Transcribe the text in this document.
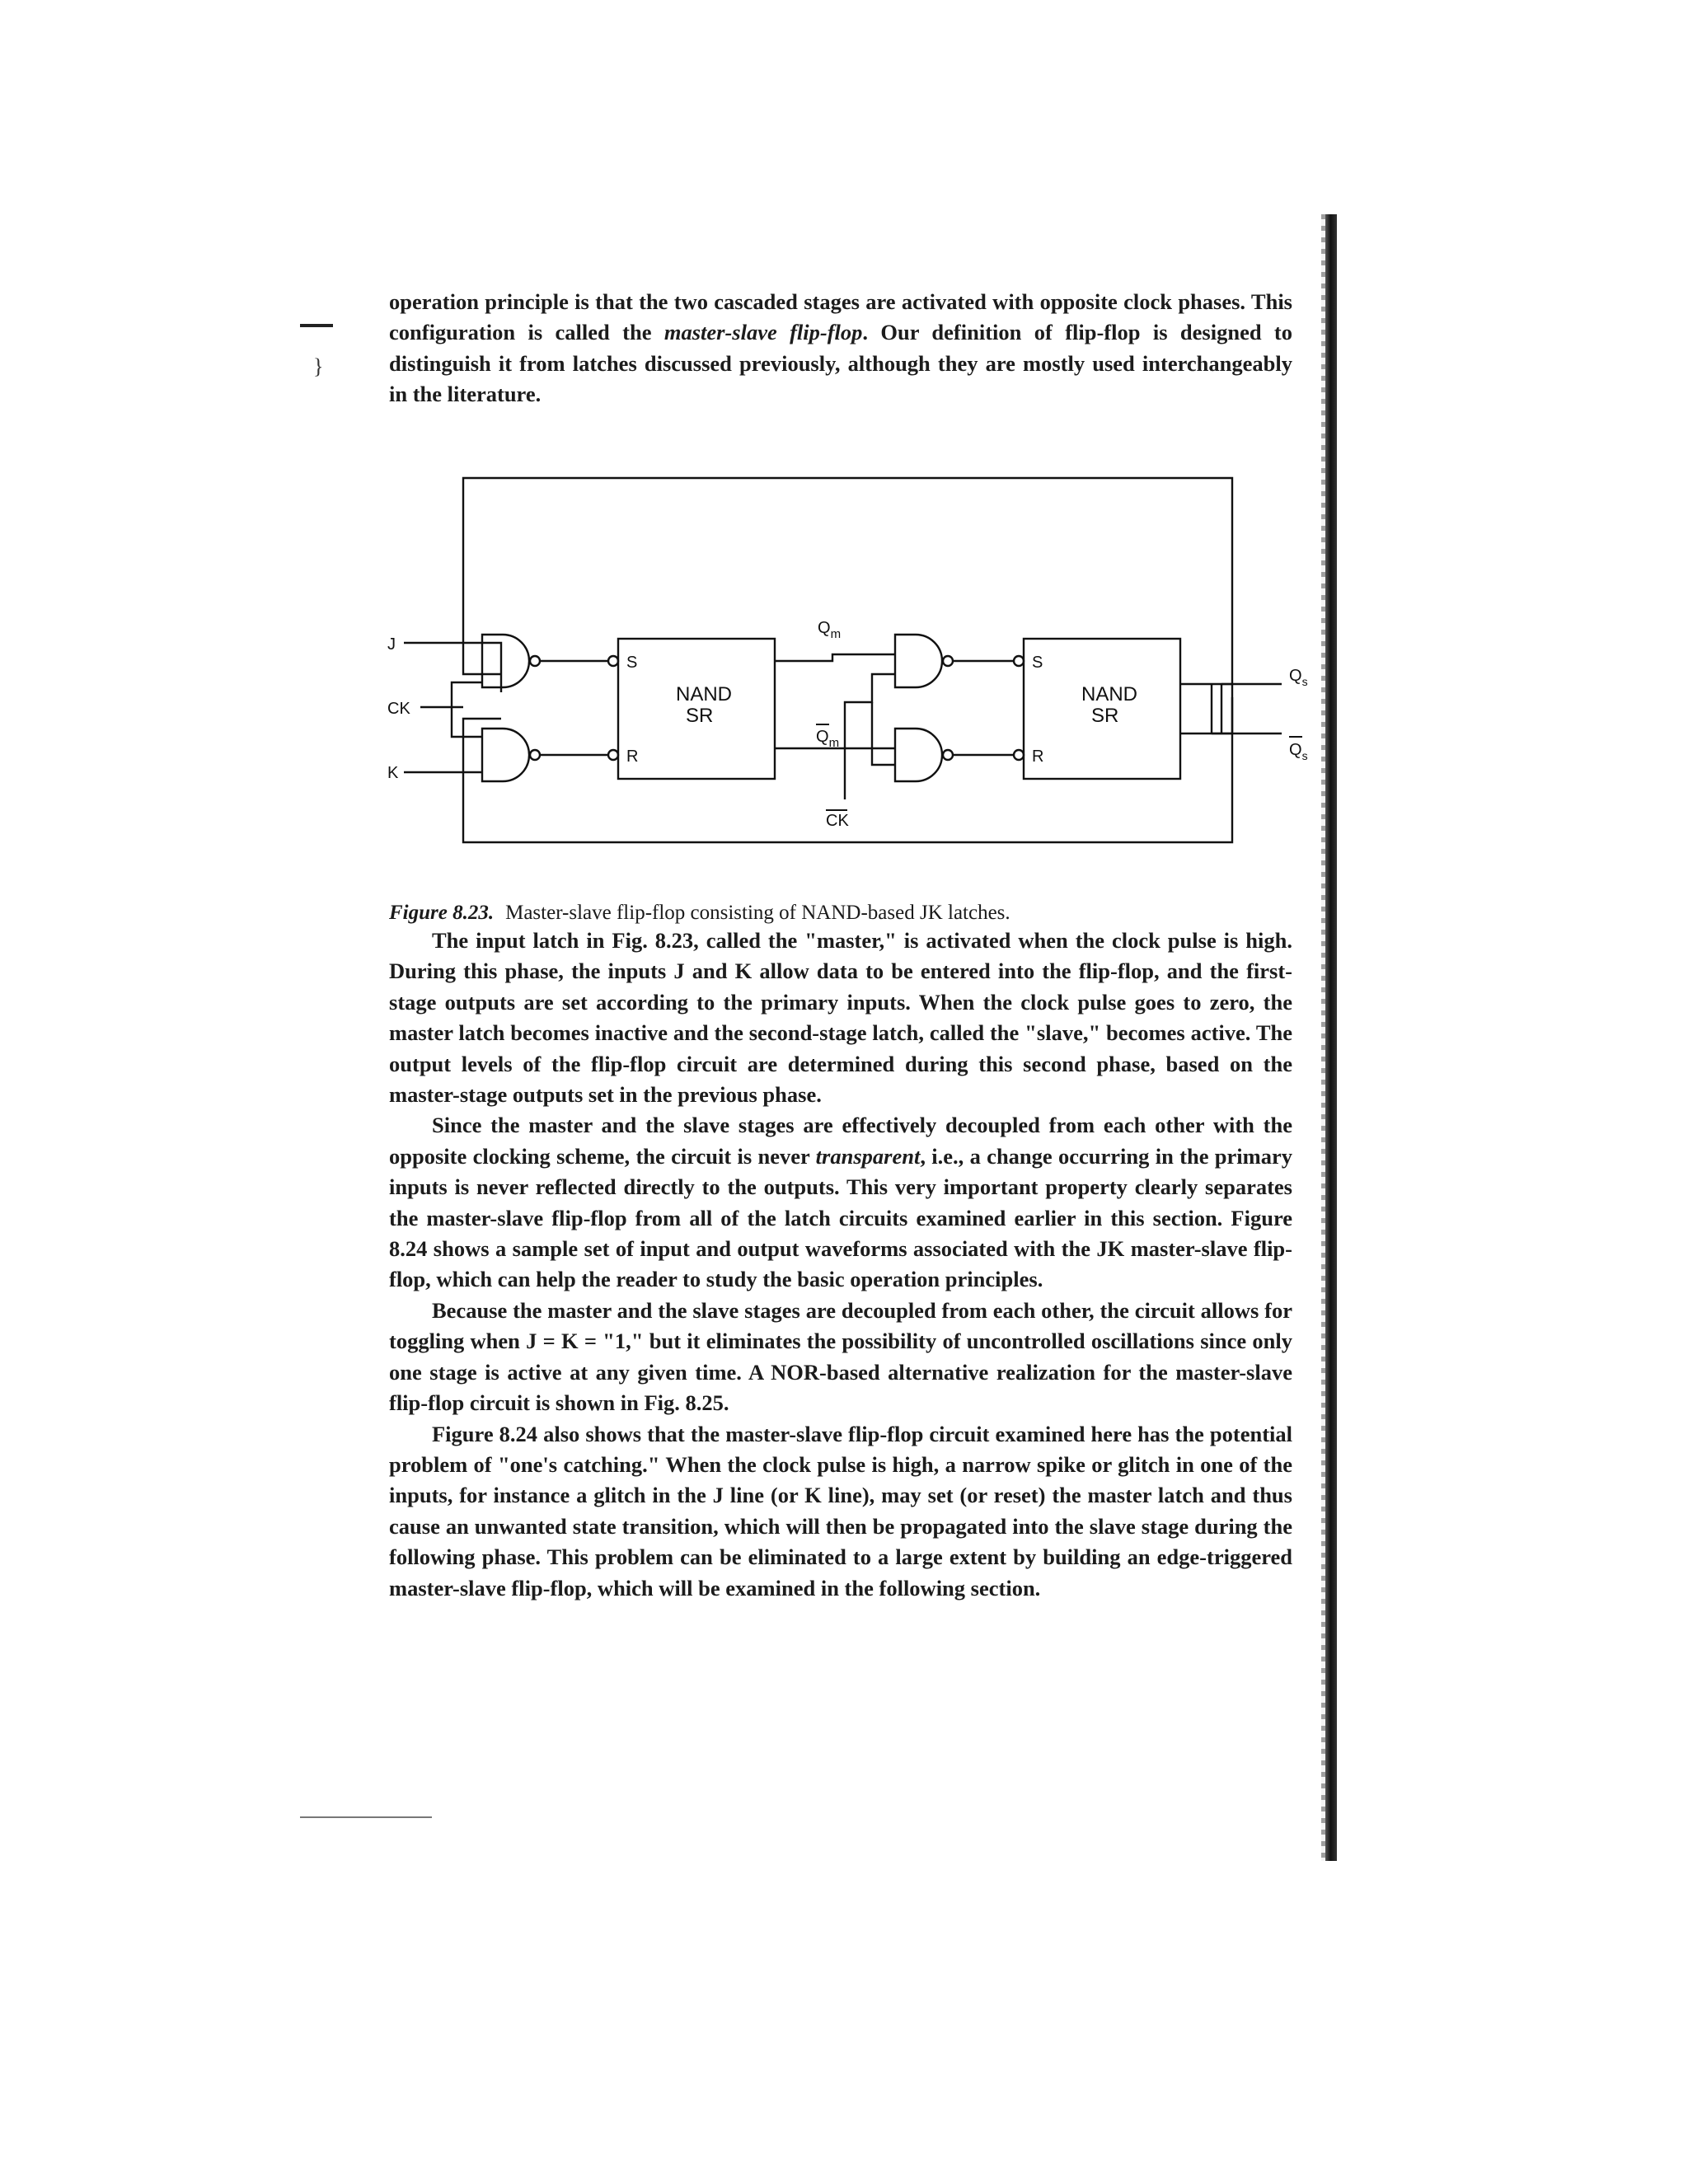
}

operation principle is that the two cascaded stages are activated with opposite clock phases. This configuration is called the master-slave flip-flop. Our definition of flip-flop is designed to distinguish it from latches discussed previously, although they are mostly used interchangeably in the literature.

J
CK
K
S
R
NAND
SR
$Q_m$
$Q_m$
CK
S
R
NAND
SR
$Q_s$
$Q_s$
Figure 8.23. Master-slave flip-flop consisting of NAND-based JK latches.

The input latch in Fig. 8.23, called the "master," is activated when the clock pulse is high. During this phase, the inputs J and K allow data to be entered into the flip-flop, and the first-stage outputs are set according to the primary inputs. When the clock pulse goes to zero, the master latch becomes inactive and the second-stage latch, called the "slave," becomes active. The output levels of the flip-flop circuit are determined during this second phase, based on the master-stage outputs set in the previous phase.

Since the master and the slave stages are effectively decoupled from each other with the opposite clocking scheme, the circuit is never transparent, i.e., a change occurring in the primary inputs is never reflected directly to the outputs. This very important property clearly separates the master-slave flip-flop from all of the latch circuits examined earlier in this section. Figure 8.24 shows a sample set of input and output waveforms associated with the JK master-slave flip-flop, which can help the reader to study the basic operation principles.

Because the master and the slave stages are decoupled from each other, the circuit allows for toggling when J = K = "1," but it eliminates the possibility of uncontrolled oscillations since only one stage is active at any given time. A NOR-based alternative realization for the master-slave flip-flop circuit is shown in Fig. 8.25.

Figure 8.24 also shows that the master-slave flip-flop circuit examined here has the potential problem of "one's catching." When the clock pulse is high, a narrow spike or glitch in one of the inputs, for instance a glitch in the J line (or K line), may set (or reset) the master latch and thus cause an unwanted state transition, which will then be propagated into the slave stage during the following phase. This problem can be eliminated to a large extent by building an edge-triggered master-slave flip-flop, which will be examined in the following section.
